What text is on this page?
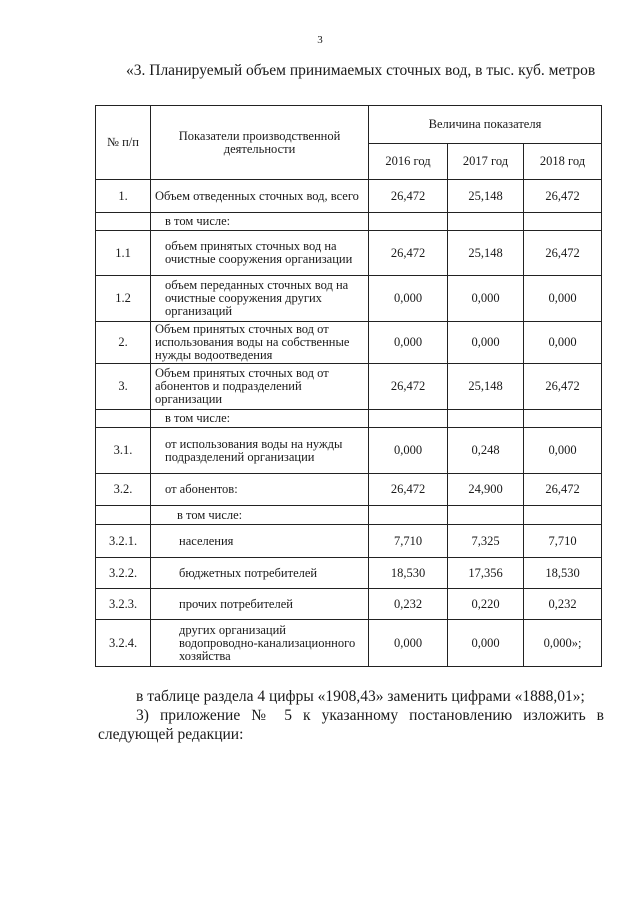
3
«3. Планируемый объем принимаемых сточных вод, в тыс. куб. метров
№ п/п	Показатели производственной деятельности	Величина показателя		
		2016 год	2017 год	2018 год
1.	Объем отведенных сточных вод, всего	26,472	25,148	26,472
	в том числе:			
1.1	объем принятых сточных вод на очистные сооружения организации	26,472	25,148	26,472
1.2	объем переданных сточных вод на очистные сооружения других организаций	0,000	0,000	0,000
2.	Объем принятых сточных вод от использования воды на собственные нужды водоотведения	0,000	0,000	0,000
3.	Объем принятых сточных вод от абонентов и подразделений организации	26,472	25,148	26,472
	в том числе:			
3.1.	от использования воды на нужды подразделений организации	0,000	0,248	0,000
3.2.	от абонентов:	26,472	24,900	26,472
	в том числе:			
3.2.1.	населения	7,710	7,325	7,710
3.2.2.	бюджетных потребителей	18,530	17,356	18,530
3.2.3.	прочих потребителей	0,232	0,220	0,232
3.2.4.	других организаций водопроводно-канализационного хозяйства	0,000	0,000	0,000»;
в таблице раздела 4 цифры «1908,43» заменить цифрами «1888,01»;
3) приложение № 5 к указанному постановлению изложить в
следующей редакции:
